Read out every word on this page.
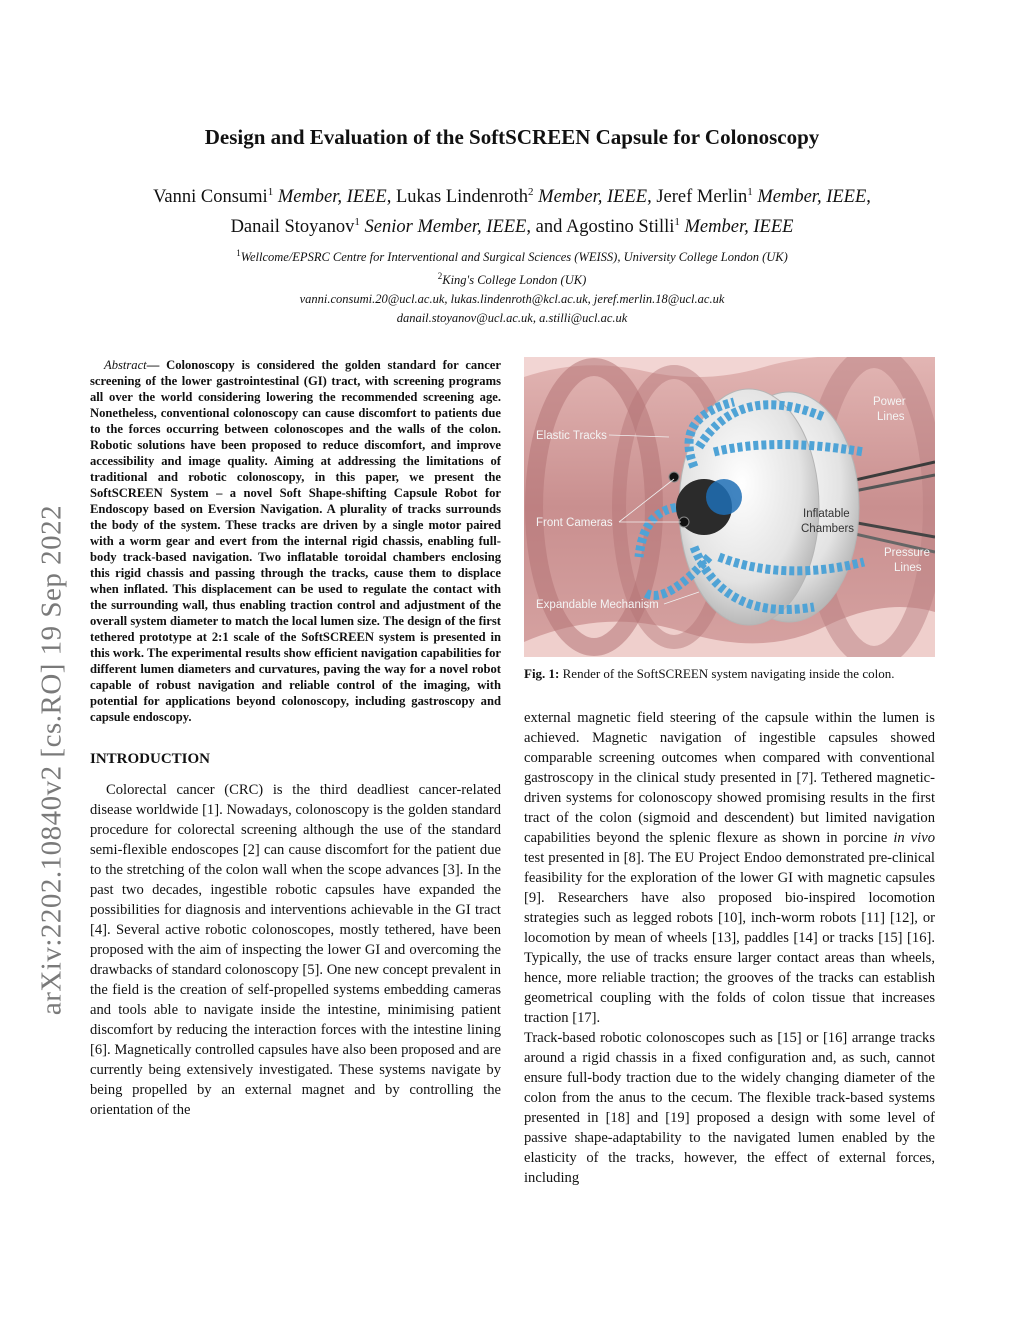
arXiv:2202.10840v2 [cs.RO] 19 Sep 2022
Design and Evaluation of the SoftSCREEN Capsule for Colonoscopy
Vanni Consumi$^1$ Member, IEEE, Lukas Lindenroth$^2$ Member, IEEE, Jeref Merlin$^1$ Member, IEEE,
Danail Stoyanov$^1$ Senior Member, IEEE, and Agostino Stilli$^1$ Member, IEEE
$^1$Wellcome/EPSRC Centre for Interventional and Surgical Sciences (WEISS), University College London (UK)
$^2$King's College London (UK)
vanni.consumi.20@ucl.ac.uk, lukas.lindenroth@kcl.ac.uk, jeref.merlin.18@ucl.ac.uk
danail.stoyanov@ucl.ac.uk, a.stilli@ucl.ac.uk

Abstract— Colonoscopy is considered the golden standard for cancer screening of the lower gastrointestinal (GI) tract, with screening programs all over the world considering lowering the recommended screening age. Nonetheless, conventional colonoscopy can cause discomfort to patients due to the forces occurring between colonoscopes and the walls of the colon. Robotic solutions have been proposed to reduce discomfort, and improve accessibility and image quality. Aiming at addressing the limitations of traditional and robotic colonoscopy, in this paper, we present the SoftSCREEN System – a novel Soft Shape-shifting Capsule Robot for Endoscopy based on Eversion Navigation. A plurality of tracks surrounds the body of the system. These tracks are driven by a single motor paired with a worm gear and evert from the internal rigid chassis, enabling full-body track-based navigation. Two inflatable toroidal chambers enclosing this rigid chassis and passing through the tracks, cause them to displace when inflated. This displacement can be used to regulate the contact with the surrounding wall, thus enabling traction control and adjustment of the overall system diameter to match the local lumen size. The design of the first tethered prototype at 2:1 scale of the SoftSCREEN system is presented in this work. The experimental results show efficient navigation capabilities for different lumen diameters and curvatures, paving the way for a novel robot capable of robust navigation and reliable control of the imaging, with potential for applications beyond colonoscopy, including gastroscopy and capsule endoscopy.

INTRODUCTION

Colorectal cancer (CRC) is the third deadliest cancer-related disease worldwide [1]. Nowadays, colonoscopy is the golden standard procedure for colorectal screening although the use of the standard semi-flexible endoscopes [2] can cause discomfort for the patient due to the stretching of the colon wall when the scope advances [3]. In the past two decades, ingestible robotic capsules have expanded the possibilities for diagnosis and interventions achievable in the GI tract [4]. Several active robotic colonoscopes, mostly tethered, have been proposed with the aim of inspecting the lower GI and overcoming the drawbacks of standard colonoscopy [5]. One new concept prevalent in the field is the creation of self-propelled systems embedding cameras and tools able to navigate inside the intestine, minimising patient discomfort by reducing the interaction forces with the intestine lining [6]. Magnetically controlled capsules have also been proposed and are currently being extensively investigated. These systems navigate by being propelled by an external magnet and by controlling the orientation of the

Elastic Tracks
Front Cameras
Expandable Mechanism
Power
Lines
Inflatable
Chambers
Pressure
Lines
Fig. 1: Render of the SoftSCREEN system navigating inside the colon.

external magnetic field steering of the capsule within the lumen is achieved. Magnetic navigation of ingestible capsules showed comparable screening outcomes when compared with conventional gastroscopy in the clinical study presented in [7]. Tethered magnetic-driven systems for colonoscopy showed promising results in the first tract of the colon (sigmoid and descendent) but limited navigation capabilities beyond the splenic flexure as shown in porcine in vivo test presented in [8]. The EU Project Endoo demonstrated pre-clinical feasibility for the exploration of the lower GI with magnetic capsules [9]. Researchers have also proposed bio-inspired locomotion strategies such as legged robots [10], inch-worm robots [11] [12], or locomotion by mean of wheels [13], paddles [14] or tracks [15] [16]. Typically, the use of tracks ensure larger contact areas than wheels, hence, more reliable traction; the grooves of the tracks can establish geometrical coupling with the folds of colon tissue that increases traction [17].

Track-based robotic colonoscopes such as [15] or [16] arrange tracks around a rigid chassis in a fixed configuration and, as such, cannot ensure full-body traction due to the widely changing diameter of the colon from the anus to the cecum. The flexible track-based systems presented in [18] and [19] proposed a design with some level of passive shape-adaptability to the navigated lumen enabled by the elasticity of the tracks, however, the effect of external forces, including
